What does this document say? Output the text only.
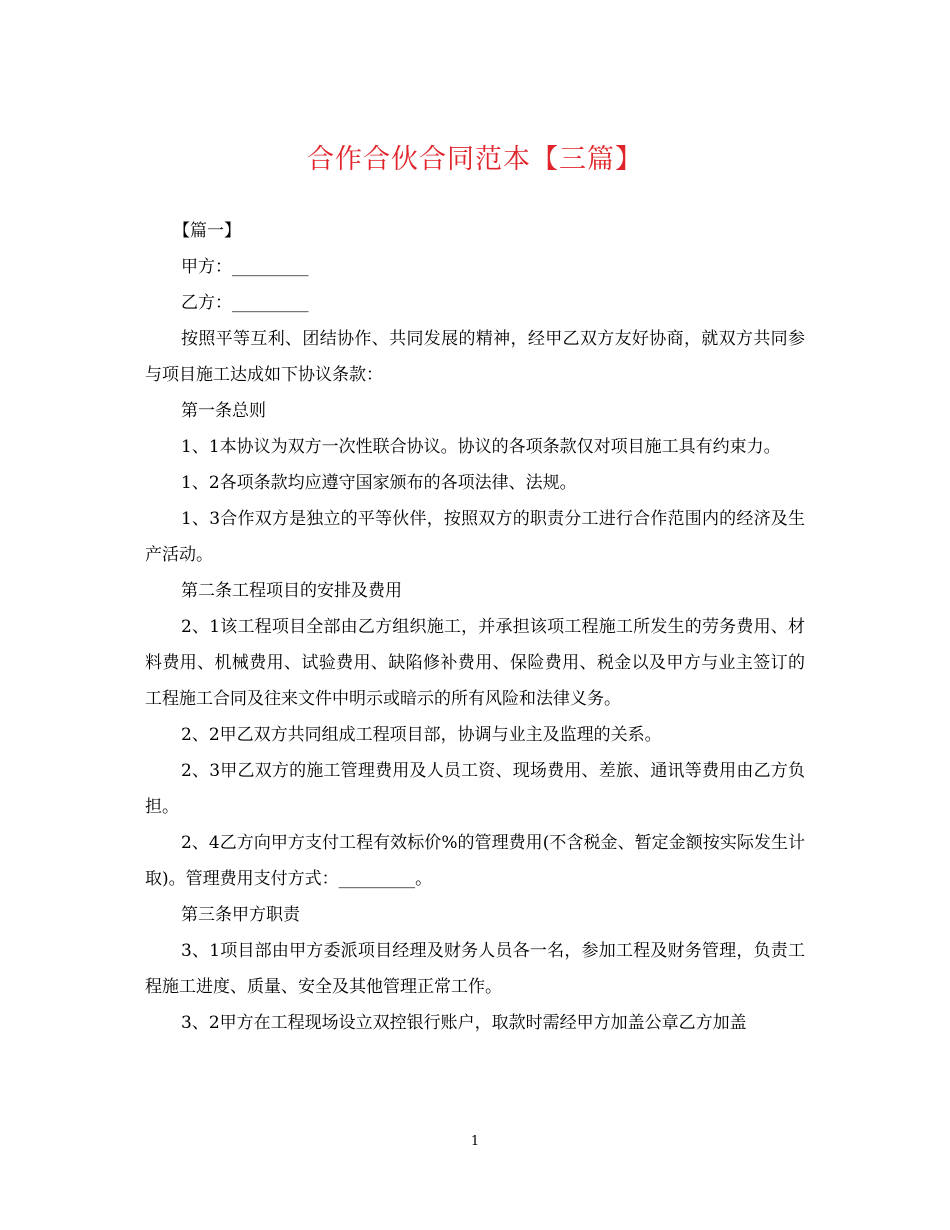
合作合伙合同范本【三篇】

【篇一】

甲方：_________

乙方：_________

按照平等互利、团结协作、共同发展的精神，经甲乙双方友好协商，就双方共同参与项目施工达成如下协议条款：

第一条总则

1、1本协议为双方一次性联合协议。协议的各项条款仅对项目施工具有约束力。

1、2各项条款均应遵守国家颁布的各项法律、法规。

1、3合作双方是独立的平等伙伴，按照双方的职责分工进行合作范围内的经济及生产活动。

第二条工程项目的安排及费用

2、1该工程项目全部由乙方组织施工，并承担该项工程施工所发生的劳务费用、材料费用、机械费用、试验费用、缺陷修补费用、保险费用、税金以及甲方与业主签订的工程施工合同及往来文件中明示或暗示的所有风险和法律义务。

2、2甲乙双方共同组成工程项目部，协调与业主及监理的关系。

2、3甲乙双方的施工管理费用及人员工资、现场费用、差旅、通讯等费用由乙方负担。

2、4乙方向甲方支付工程有效标价%的管理费用(不含税金、暂定金额按实际发生计取)。管理费用支付方式：_________。

第三条甲方职责

3、1项目部由甲方委派项目经理及财务人员各一名，参加工程及财务管理，负责工程施工进度、质量、安全及其他管理正常工作。

3、2甲方在工程现场设立双控银行账户，取款时需经甲方加盖公章乙方加盖

1
